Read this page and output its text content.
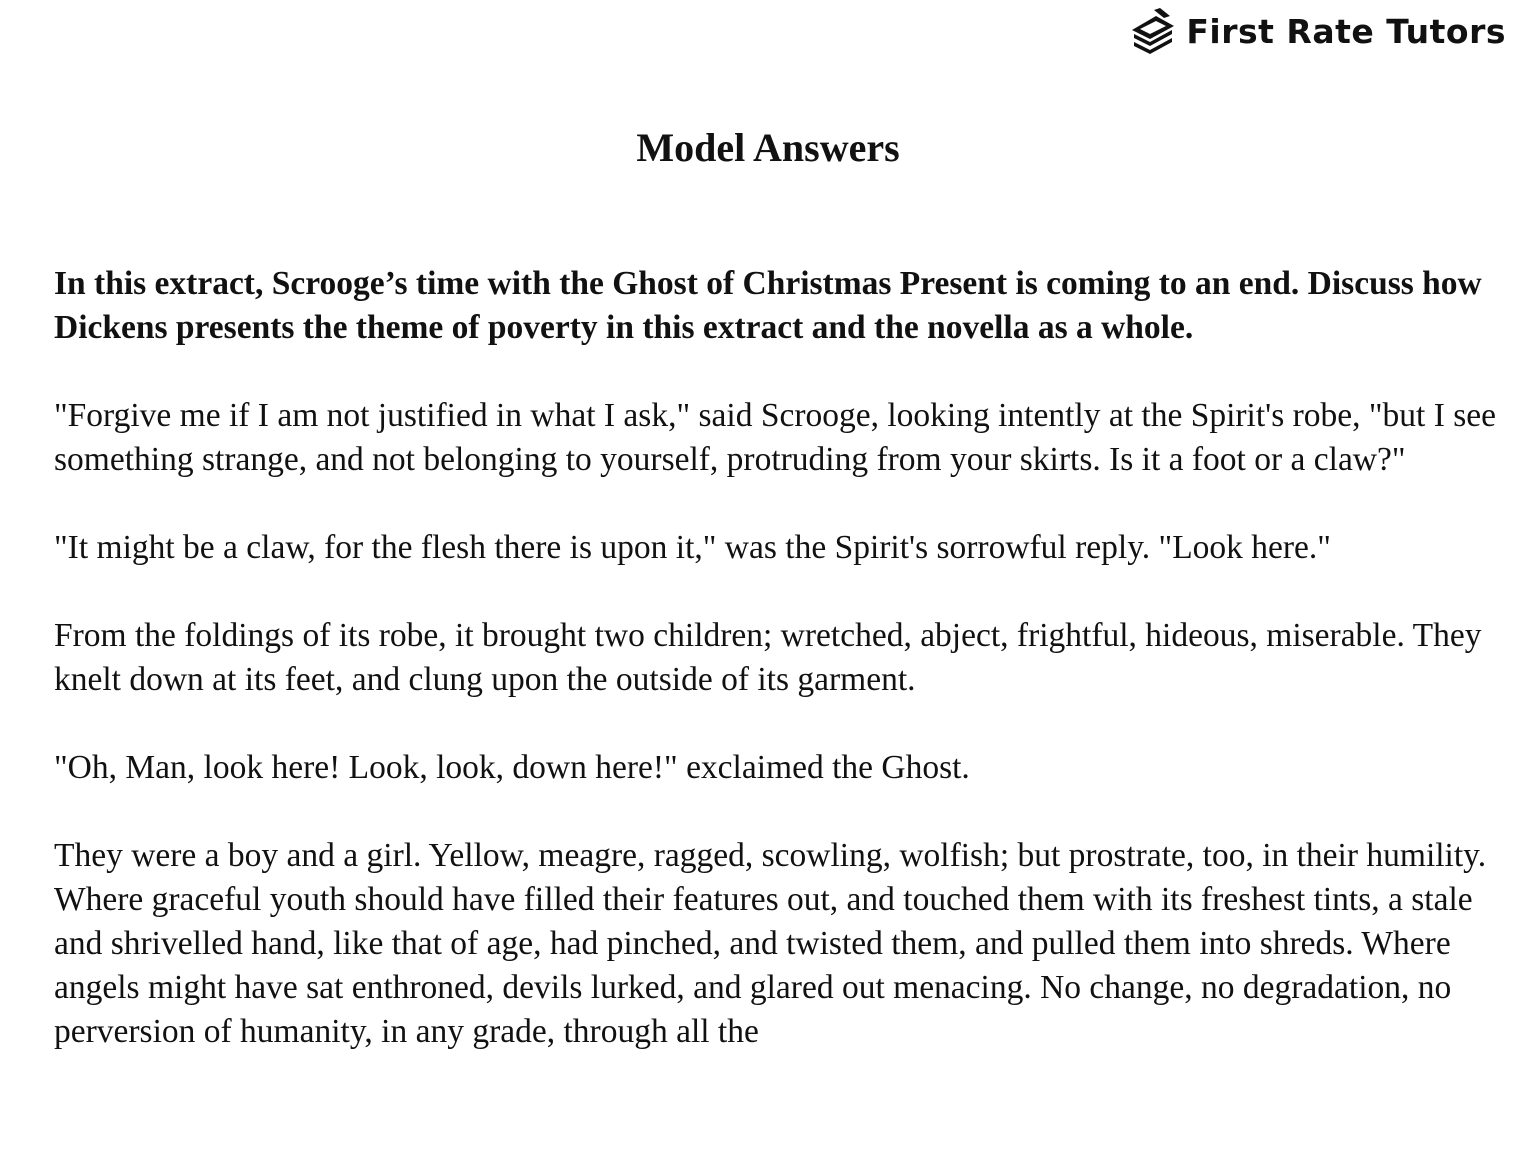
First Rate Tutors
Model Answers

In this extract, Scrooge’s time with the Ghost of Christmas Present is coming to an end. Discuss how Dickens presents the theme of poverty in this extract and the novella as a whole.

"Forgive me if I am not justified in what I ask," said Scrooge, looking intently at the Spirit's robe, "but I see something strange, and not belonging to yourself, protruding from your skirts. Is it a foot or a claw?"

"It might be a claw, for the flesh there is upon it," was the Spirit's sorrowful reply. "Look here."

From the foldings of its robe, it brought two children; wretched, abject, frightful, hideous, miserable. They knelt down at its feet, and clung upon the outside of its garment.

"Oh, Man, look here! Look, look, down here!" exclaimed the Ghost.

They were a boy and a girl. Yellow, meagre, ragged, scowling, wolfish; but prostrate, too, in their humility. Where graceful youth should have filled their features out, and touched them with its freshest tints, a stale and shrivelled hand, like that of age, had pinched, and twisted them, and pulled them into shreds. Where angels might have sat enthroned, devils lurked, and glared out menacing. No change, no degradation, no perversion of humanity, in any grade, through all the
